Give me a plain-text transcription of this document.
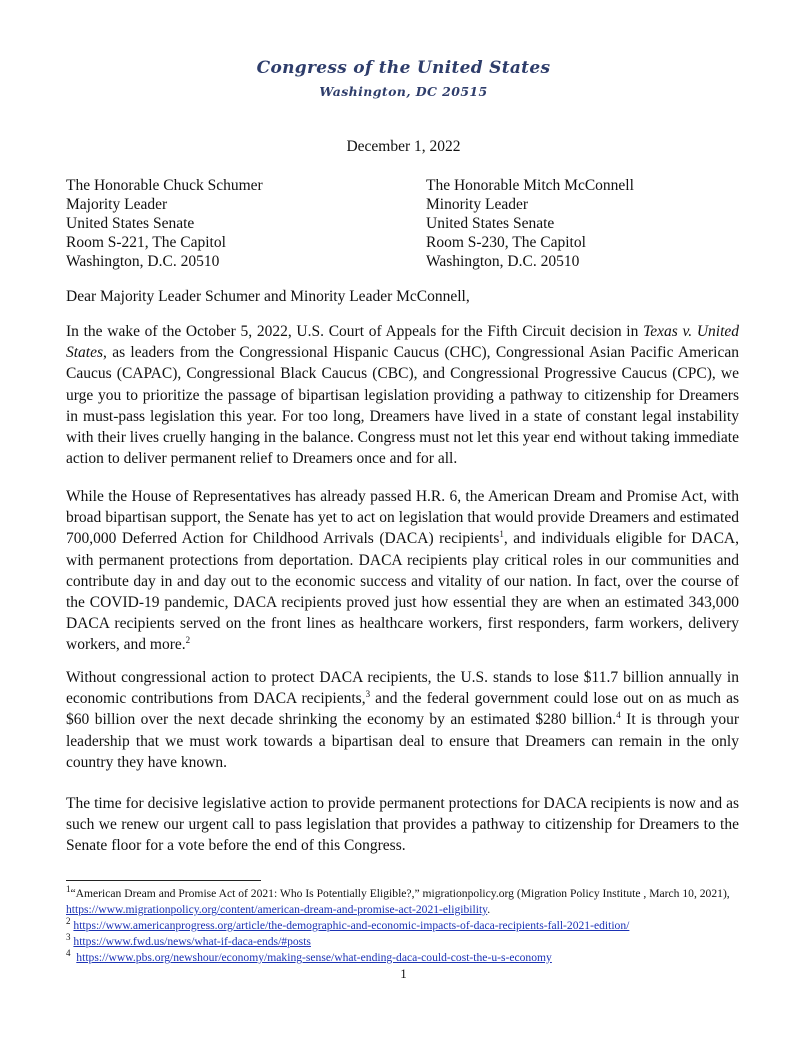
Congress of the United States
Washington, DC 20515
December 1, 2022
The Honorable Chuck Schumer
Majority Leader
United States Senate
Room S-221, The Capitol
Washington, D.C. 20510
The Honorable Mitch McConnell
Minority Leader
United States Senate
Room S-230, The Capitol
Washington, D.C. 20510
Dear Majority Leader Schumer and Minority Leader McConnell,
In the wake of the October 5, 2022, U.S. Court of Appeals for the Fifth Circuit decision in Texas v. United States, as leaders from the Congressional Hispanic Caucus (CHC), Congressional Asian Pacific American Caucus (CAPAC), Congressional Black Caucus (CBC), and Congressional Progressive Caucus (CPC), we urge you to prioritize the passage of bipartisan legislation providing a pathway to citizenship for Dreamers in must-pass legislation this year. For too long, Dreamers have lived in a state of constant legal instability with their lives cruelly hanging in the balance. Congress must not let this year end without taking immediate action to deliver permanent relief to Dreamers once and for all.
While the House of Representatives has already passed H.R. 6, the American Dream and Promise Act, with broad bipartisan support, the Senate has yet to act on legislation that would provide Dreamers and estimated 700,000 Deferred Action for Childhood Arrivals (DACA) recipients$^1$, and individuals eligible for DACA, with permanent protections from deportation. DACA recipients play critical roles in our communities and contribute day in and day out to the economic success and vitality of our nation. In fact, over the course of the COVID-19 pandemic, DACA recipients proved just how essential they are when an estimated 343,000 DACA recipients served on the front lines as healthcare workers, first responders, farm workers, delivery workers, and more.$^2$
Without congressional action to protect DACA recipients, the U.S. stands to lose $11.7 billion annually in economic contributions from DACA recipients,$^3$ and the federal government could lose out on as much as $60 billion over the next decade shrinking the economy by an estimated $280 billion.$^4$ It is through your leadership that we must work towards a bipartisan deal to ensure that Dreamers can remain in the only country they have known.
The time for decisive legislative action to provide permanent protections for DACA recipients is now and as such we renew our urgent call to pass legislation that provides a pathway to citizenship for Dreamers to the Senate floor for a vote before the end of this Congress.
$^1$“American Dream and Promise Act of 2021: Who Is Potentially Eligible?,” migrationpolicy.org (Migration Policy Institute , March 10, 2021), https://www.migrationpolicy.org/content/american-dream-and-promise-act-2021-eligibility.
$^2$ https://www.americanprogress.org/article/the-demographic-and-economic-impacts-of-daca-recipients-fall-2021-edition/
$^3$ https://www.fwd.us/news/what-if-daca-ends/#posts
$^4$ https://www.pbs.org/newshour/economy/making-sense/what-ending-daca-could-cost-the-u-s-economy
1
